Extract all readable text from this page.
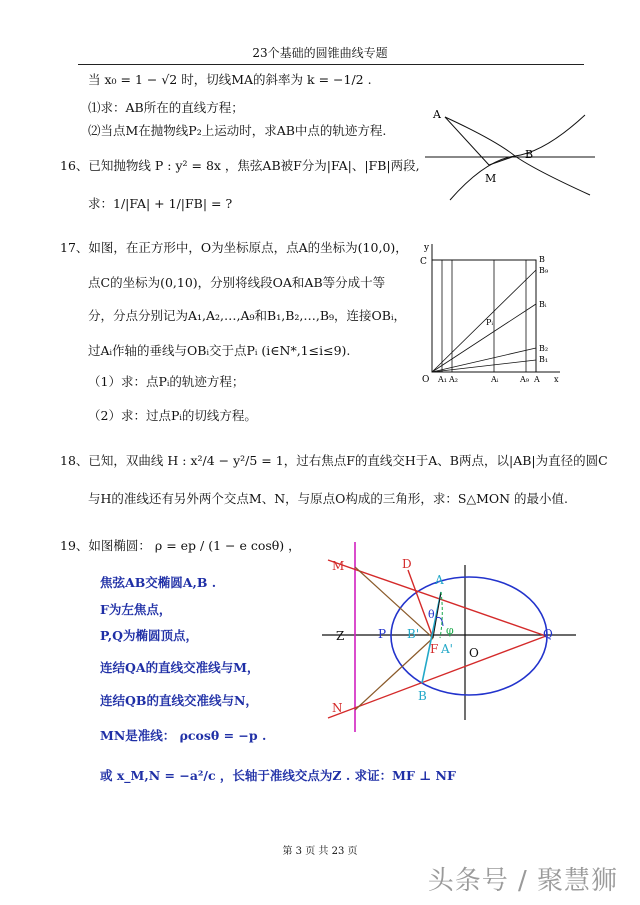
23个基础的圆锥曲线专题
当 x₀ = 1 − √2 时，切线MA的斜率为 k = −1/2 .
⑴求：AB所在的直线方程；
⑵当点M在抛物线P₂上运动时，求AB中点的轨迹方程.
A
B
M
16、已知抛物线 P : y² = 8x ，焦弦AB被F分为|FA|、|FB|两段,
求：1/|FA| + 1/|FB| = ?
17、如图，在正方形中，O为坐标原点，点A的坐标为(10,0)，
点C的坐标为(0,10)，分别将线段OA和AB等分成十等
分，分点分别记为A₁,A₂,…,A₉和B₁,B₂,…,B₉，连接OBᵢ，
过Aᵢ作轴的垂线与OBᵢ交于点Pᵢ (i∈N*,1≤i≤9).
（1）求：点Pᵢ的轨迹方程；
（2）求：过点Pᵢ的切线方程。
y
C	B
B₉
Bᵢ
B₂
B₁
Pᵢ
O A₁ A₂	Aᵢ	A₉ A x
18、已知，双曲线 H : x²/4 − y²/5 = 1，过右焦点F的直线交H于A、B两点，以|AB|为直径的圆C
与H的准线还有另外两个交点M、N，与原点O构成的三角形，求：S△MON 的最小值.
19、如图椭圆： ρ = ep / (1 − e cosθ) ，
焦弦AB交椭圆A,B .
F为左焦点，
P,Q为椭圆顶点，
连结QA的直线交准线与M，
连结QB的直线交准线与N，
MN是准线： ρcosθ = −p .
或 x_M,N = −a²/c ，长轴于准线交点为Z . 求证：MF ⊥ NF
M	D
A
Z	P B'
F A' O
Q
B
N
θ
φ
第 3 页 共 23 页
头条号 / 聚慧狮
